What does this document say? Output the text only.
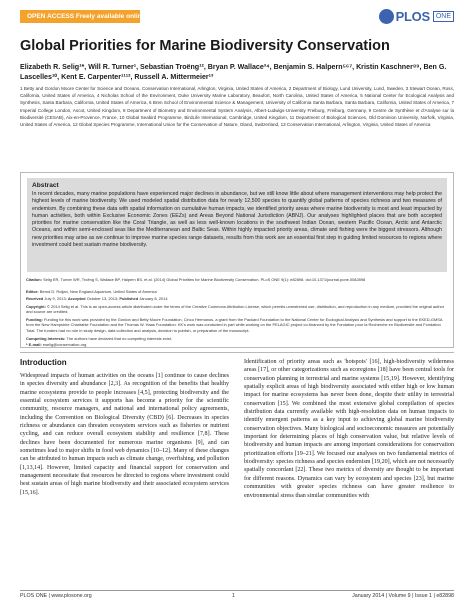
OPEN ACCESS Freely available online	PLOS ONE
Global Priorities for Marine Biodiversity Conservation
Elizabeth R. Selig¹*, Will R. Turner¹, Sebastian Troëng¹², Bryan P. Wallace³⁴, Benjamin S. Halpern⁵⁶⁷, Kristin Kaschner⁸⁹, Ben G. Lascelles¹⁰, Kent E. Carpenter¹¹¹², Russell A. Mittermeier¹³
1 Betty and Gordon Moore Center for Science and Oceans, Conservation International, Arlington, Virginia, United States of America, 2 Department of Biology, Lund University, Lund, Sweden, 3 Stewart Ocean, Ross, California, United States of America, 4 Nicholas School of the Environment, Duke University Marine Laboratory, Beaufort, North Carolina, United States of America, 5 National Center for Ecological Analysis and Synthesis, Santa Barbara, California, United States of America, 6 Bren School of Environmental Science & Management, University of California Santa Barbara, Santa Barbara, California, United States of America, 7 Imperial College London, Ascot, United Kingdom, 8 Department of Biometry and Environmental System Analysis, Albert-Ludwigs-University Freiburg, Freiburg, Germany, 9 Centre de Synthèse et d'Analyse sur la Biodiversité (CESAB), Aix-en-Provence, France, 10 Global Seabird Programme, BirdLife International, Cambridge, United Kingdom, 11 Department of Biological Sciences, Old Dominion University, Norfolk, Virginia, United States of America, 12 Global Species Programme, International Union for the Conservation of Nature, Gland, Switzerland, 13 Conservation International, Arlington, Virginia, United States of America
Abstract
In recent decades, many marine populations have experienced major declines in abundance, but we still know little about where management interventions may help protect the highest levels of marine biodiversity. We used modeled spatial distribution data for nearly 12,500 species to quantify global patterns of species richness and two measures of endemism. By combining these data with spatial information on cumulative human impacts, we identified priority areas where marine biodiversity is most and least impacted by human activities, both within Exclusive Economic Zones (EEZs) and Areas Beyond National Jurisdiction (ABNJ). Our analyses highlighted places that are both accepted priorities for marine conservation like the Coral Triangle, as well as less well-known locations in the southwest Indian Ocean, western Pacific Ocean, Arctic and Antarctic Oceans, and within semi-enclosed seas like the Mediterranean and Baltic Seas. Within highly impacted priority areas, climate and fishing were the biggest stressors. Although new priorities may arise as we continue to improve marine species range datasets, results from this work are an essential first step in guiding limited resources to regions where investment could best sustain marine biodiversity.
Citation: Selig ER, Turner WR, Troëng S, Wallace BP, Halpern BS, et al. (2014) Global Priorities for Marine Biodiversity Conservation. PLoS ONE 9(1): e82898. doi:10.1371/journal.pone.0082898
Editor: Bernd D. Rotjan, New England Aquarium, United States of America
Received July 9, 2013; Accepted October 13, 2013; Published January 8, 2014
Copyright: © 2014 Selig et al. This is an open-access article distributed under the terms of the Creative Commons Attribution License, which permits unrestricted use, distribution, and reproduction in any medium, provided the original author and source are credited.
Funding: Funding for this work was provided by the Gordon and Betty Moore Foundation, Cinco Hermanos, a grant from the Packard Foundation to the National Center for Ecological Analysis and Synthesis and support to the EKED-GMSA from the New Hampshire Charitable Foundation and the Thomas W. Haas Foundation. KK's work was conducted in part while working on the PELAGIC project co-financed by the Fondation pour la Recherche en Biodiversité and Fondation Total. The funders had no role in study design, data collection and analysis, decision to publish, or preparation of the manuscript.
Competing Interests: The authors have declared that no competing interests exist.
* E-mail: eselig@conservation.org
Introduction

Widespread impacts of human activities on the oceans [1] continue to cause declines in species diversity and abundance [2,3]. As recognition of the benefits that healthy marine ecosystems provide to people increases [4,5], protecting biodiversity and the essential ecosystem services it supports has become a priority for the scientific community, resource managers, and national and international policy agreements, including the Convention on Biological Diversity (CBD) [6]. Decreases in species richness or abundance can threaten ecosystem services such as fisheries or nutrient cycling, and can reduce overall ecosystem stability and resilience [7,8]. These declines have been documented for numerous marine organisms [9], and can sometimes lead to major shifts in food web dynamics [10–12]. Many of these changes can be attributed to human impacts such as climate change, overfishing, and pollution [1,13,14]. However, limited capacity and financial support for conservation and management necessitate that resources be directed to regions where investment could best sustain areas of high marine biodiversity and their associated ecosystem services [15,16].

Identification of priority areas such as 'hotspots' [16], high-biodiversity wilderness areas [17], or other categorizations such as ecoregions [18] have been central tools for conservation planning in terrestrial and marine systems [15,19]. However, identifying spatially explicit areas of high biodiversity associated with either high or low human impact for marine ecosystems has never been done, despite their utility in terrestrial conservation [15]. We combined the most extensive global compilation of species distribution data currently available with high-resolution data on human impacts to identify emergent patterns as a key input to achieving global marine biodiversity conservation objectives. Many biological and socioeconomic measures are potentially important for determining places of high conservation value, but relative levels of biodiversity and human impacts are among important considerations for conservation prioritization efforts [19–21]. We focused our analyses on two fundamental metrics of biodiversity: species richness and species endemism [19,20], which are not necessarily spatially concordant [22]. These two metrics of diversity are thought to be important for different reasons. Dynamics can vary by ecosystem and species [23], but marine communities with greater species richness can have greater resilience to environmental stress than similar communities with

PLOS ONE | www.plosone.org	1	January 2014 | Volume 9 | Issue 1 | e82898
